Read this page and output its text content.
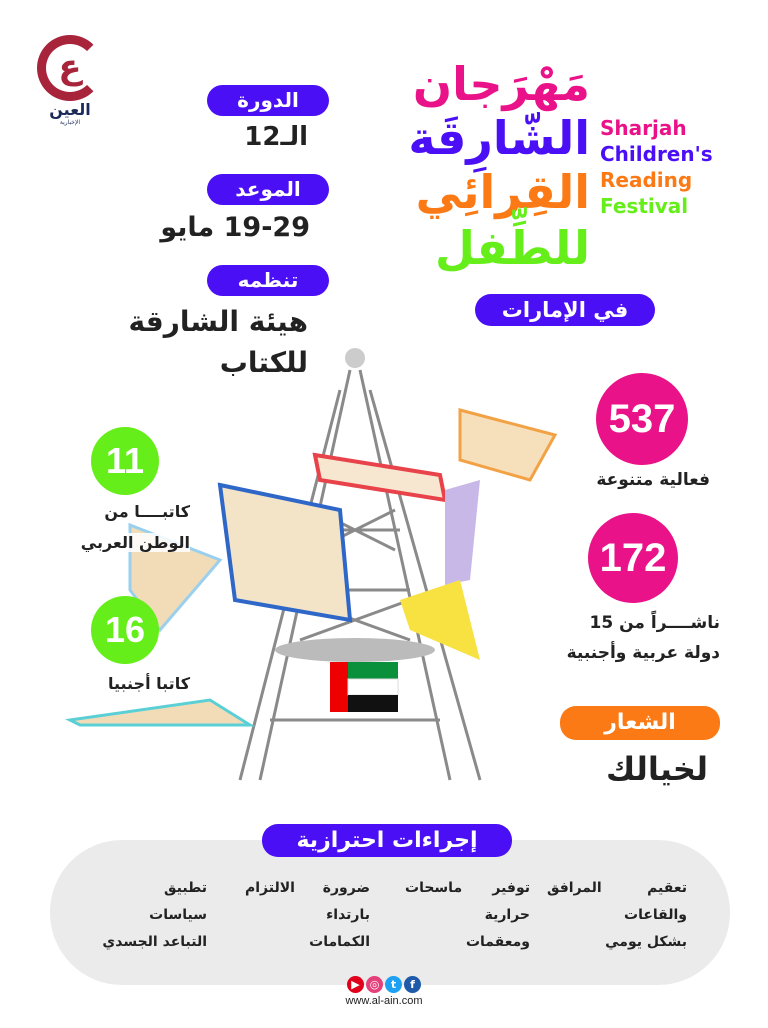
ع
العين
الإخبارية
الدورة
الـ12
الموعد
19-29 مايو
تنظمه
هيئة الشارقة
للكتاب
مَهْرَجان
الشّارِقَة
القِرائِي
للطِّفل
Sharjah
Children's
Reading
Festival
في الإمارات
537
فعالية متنوعة
172
ناشــــراً من 15
دولة عربية وأجنبية
الشعار
لخيالك
11
كاتبــــا من
الوطن العربي
16
كاتبا أجنبيا
إجراءات احترازية
تعقيم المرافق
والقاعات
بشكل يومي
توفير ماسحات
حرارية
ومعقمات
ضرورة الالتزام
بارتداء
الكمامات
تطبيق
سياسات
التباعد الجسدي
▶ ◎ t f
www.al-ain.com
